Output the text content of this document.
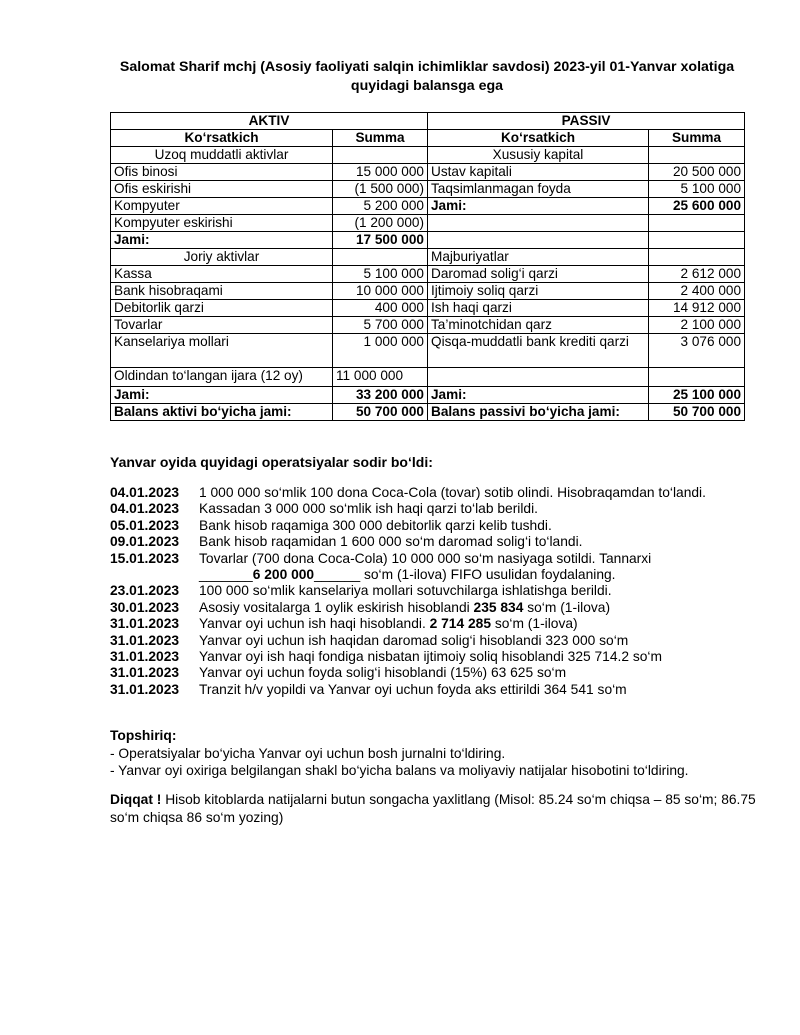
Salomat Sharif mchj (Asosiy faoliyati salqin ichimliklar savdosi) 2023-yil 01-Yanvar xolatiga
quyidagi balansga ega
AKTIV		PASSIV	
Ko‘rsatkich	Summa	Ko‘rsatkich	Summa
Uzoq muddatli aktivlar		Xususiy kapital	
Ofis binosi	15 000 000	Ustav kapitali	20 500 000
Ofis eskirishi	(1 500 000)	Taqsimlanmagan foyda	5 100 000
Kompyuter	5 200 000	Jami:	25 600 000
Kompyuter eskirishi	(1 200 000)		
Jami:	17 500 000		
Joriy aktivlar		Majburiyatlar	
Kassa	5 100 000	Daromad solig‘i qarzi	2 612 000
Bank hisobraqami	10 000 000	Ijtimoiy soliq qarzi	2 400 000
Debitorlik qarzi	400 000	Ish haqi qarzi	14 912 000
Tovarlar	5 700 000	Ta’minotchidan qarz	2 100 000
Kanselariya mollari	1 000 000	Qisqa-muddatli bank krediti qarzi	3 076 000
Oldindan to‘langan ijara (12 oy)	11 000 000		
Jami:	33 200 000	Jami:	25 100 000
Balans aktivi bo‘yicha jami:	50 700 000	Balans passivi bo‘yicha jami:	50 700 000
Yanvar oyida quyidagi operatsiyalar sodir bo‘ldi:
04.01.2023	1 000 000 so‘mlik 100 dona Coca-Cola (tovar) sotib olindi. Hisobraqamdan to‘landi.
04.01.2023	Kassadan 3 000 000 so‘mlik ish haqi qarzi to‘lab berildi.
05.01.2023	Bank hisob raqamiga 300 000 debitorlik qarzi kelib tushdi.
09.01.2023	Bank hisob raqamidan 1 600 000 so‘m daromad solig‘i to‘landi.
15.01.2023	Tovarlar (700 dona Coca-Cola) 10 000 000 so‘m nasiyaga sotildi. Tannarxi
_______6 200 000______ so‘m (1-ilova) FIFO usulidan foydalaning.
23.01.2023	100 000 so‘mlik kanselariya mollari sotuvchilarga ishlatishga berildi.
30.01.2023	Asosiy vositalarga 1 oylik eskirish hisoblandi 235 834 so‘m (1-ilova)
31.01.2023	Yanvar oyi uchun ish haqi hisoblandi. 2 714 285 so‘m (1-ilova)
31.01.2023	Yanvar oyi uchun ish haqidan daromad solig‘i hisoblandi 323 000 so‘m
31.01.2023	Yanvar oyi ish haqi fondiga nisbatan ijtimoiy soliq hisoblandi 325 714.2 so‘m
31.01.2023	Yanvar oyi uchun foyda solig‘i hisoblandi (15%) 63 625 so‘m
31.01.2023	Tranzit h/v yopildi va Yanvar oyi uchun foyda aks ettirildi 364 541 so‘m
Topshiriq:
- Operatsiyalar bo‘yicha Yanvar oyi uchun bosh jurnalni to‘ldiring.
- Yanvar oyi oxiriga belgilangan shakl bo‘yicha balans va moliyaviy natijalar hisobotini to‘ldiring.
Diqqat ! Hisob kitoblarda natijalarni butun songacha yaxlitlang (Misol: 85.24 so‘m chiqsa – 85 so‘m; 86.75 so‘m chiqsa 86 so‘m yozing)
